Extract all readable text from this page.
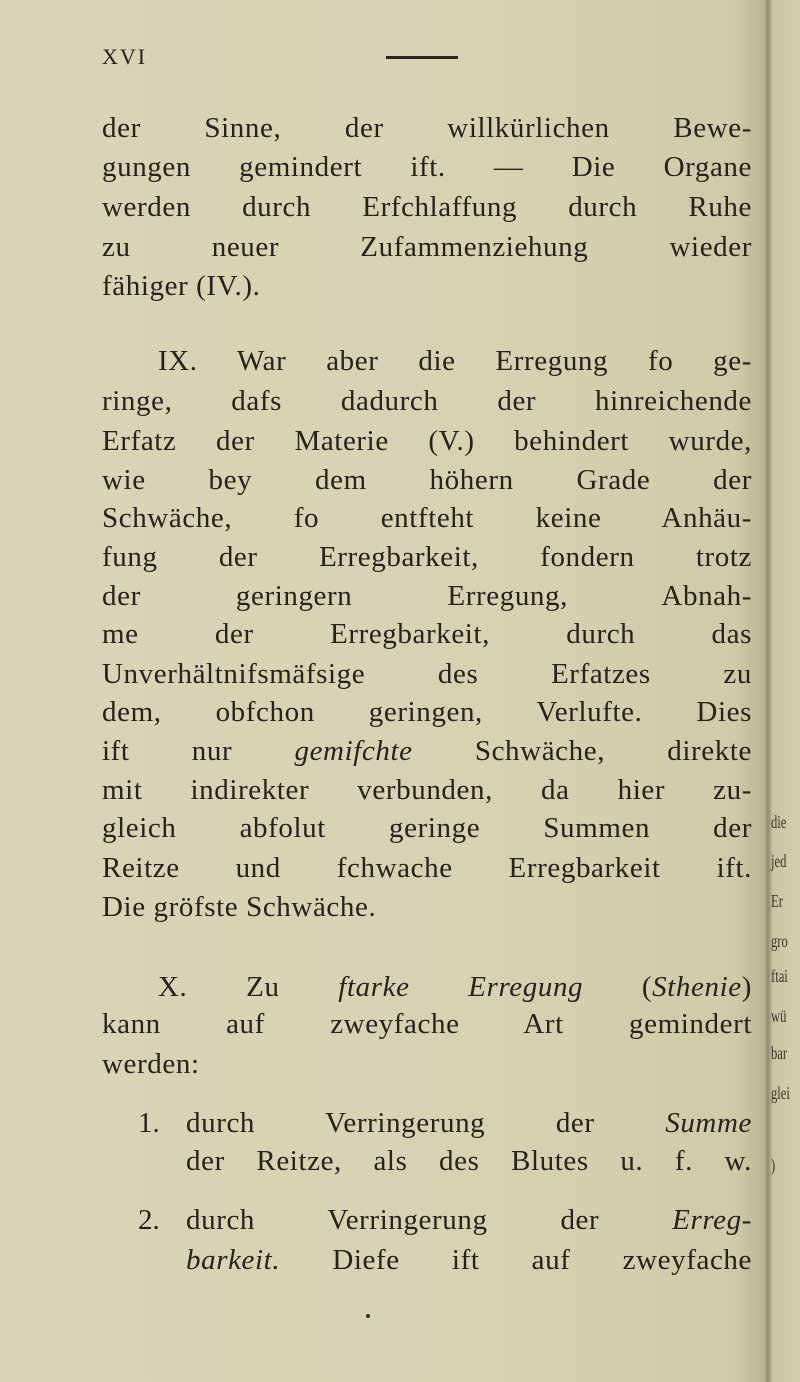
XVI
der Sinne, der willkürlichen Bewe-
gungen gemindert ift. — Die Organe
werden durch Erfchlaffung durch Ruhe
zu neuer Zufammenziehung wieder
fähiger (IV.).
IX. War aber die Erregung fo ge-
ringe, dafs dadurch der hinreichende
Erfatz der Materie (V.) behindert wurde,
wie bey dem höhern Grade der
Schwäche, fo entfteht keine Anhäu-
fung der Erregbarkeit, fondern trotz
der geringern Erregung, Abnah-
me der Erregbarkeit, durch das
Unverhältnifsmäfsige des Erfatzes zu
dem, obfchon geringen, Verlufte. Dies
ift nur gemifchte Schwäche, direkte
mit indirekter verbunden, da hier zu-
gleich abfolut geringe Summen der
Reitze und fchwache Erregbarkeit ift.
Die gröfste Schwäche.
X. Zu ftarke Erregung (Sthenie)
kann auf zweyfache Art gemindert
werden:
1. durch Verringerung der Summe
der Reitze, als des Blutes u. f. w.
2. durch Verringerung der Erreg-
barkeit. Diefe ift auf zweyfache
die
jed
Er
gro
ftai
wü
bar
glei
)
